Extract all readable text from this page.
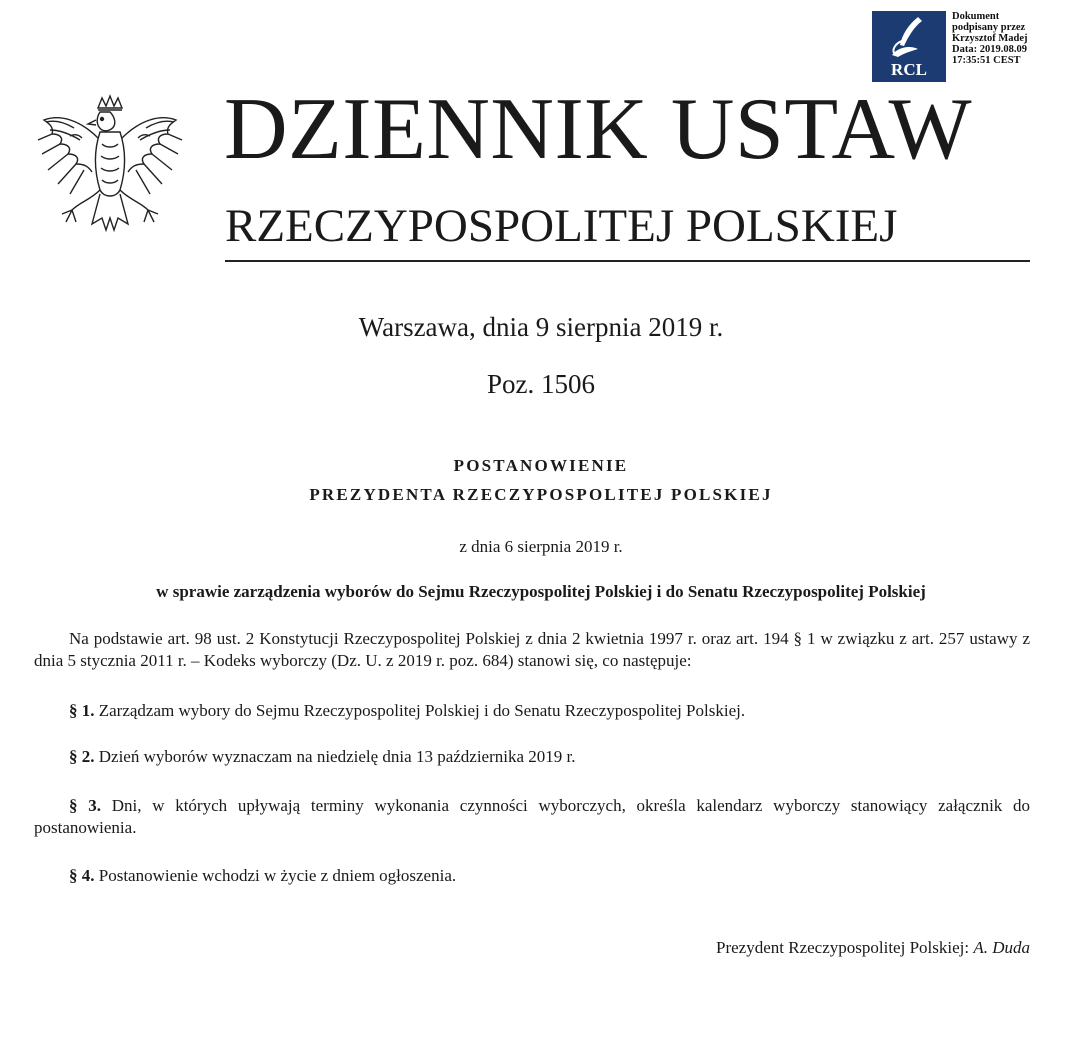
RCL
Dokument
podpisany przez
Krzysztof Madej
Data: 2019.08.09
17:35:51 CEST
DZIENNIK USTAW
RZECZYPOSPOLITEJ POLSKIEJ
Warszawa, dnia 9 sierpnia 2019 r.
Poz. 1506
POSTANOWIENIE
PREZYDENTA RZECZYPOSPOLITEJ POLSKIEJ
z dnia 6 sierpnia 2019 r.
w sprawie zarządzenia wyborów do Sejmu Rzeczypospolitej Polskiej i do Senatu Rzeczypospolitej Polskiej
Na podstawie art. 98 ust. 2 Konstytucji Rzeczypospolitej Polskiej z dnia 2 kwietnia 1997 r. oraz art. 194 § 1 w związku z art. 257 ustawy z dnia 5 stycznia 2011 r. – Kodeks wyborczy (Dz. U. z 2019 r. poz. 684) stanowi się, co następuje:
§ 1. Zarządzam wybory do Sejmu Rzeczypospolitej Polskiej i do Senatu Rzeczypospolitej Polskiej.
§ 2. Dzień wyborów wyznaczam na niedzielę dnia 13 października 2019 r.
§ 3. Dni, w których upływają terminy wykonania czynności wyborczych, określa kalendarz wyborczy stanowiący załącznik do postanowienia.
§ 4. Postanowienie wchodzi w życie z dniem ogłoszenia.
Prezydent Rzeczypospolitej Polskiej: A. Duda
